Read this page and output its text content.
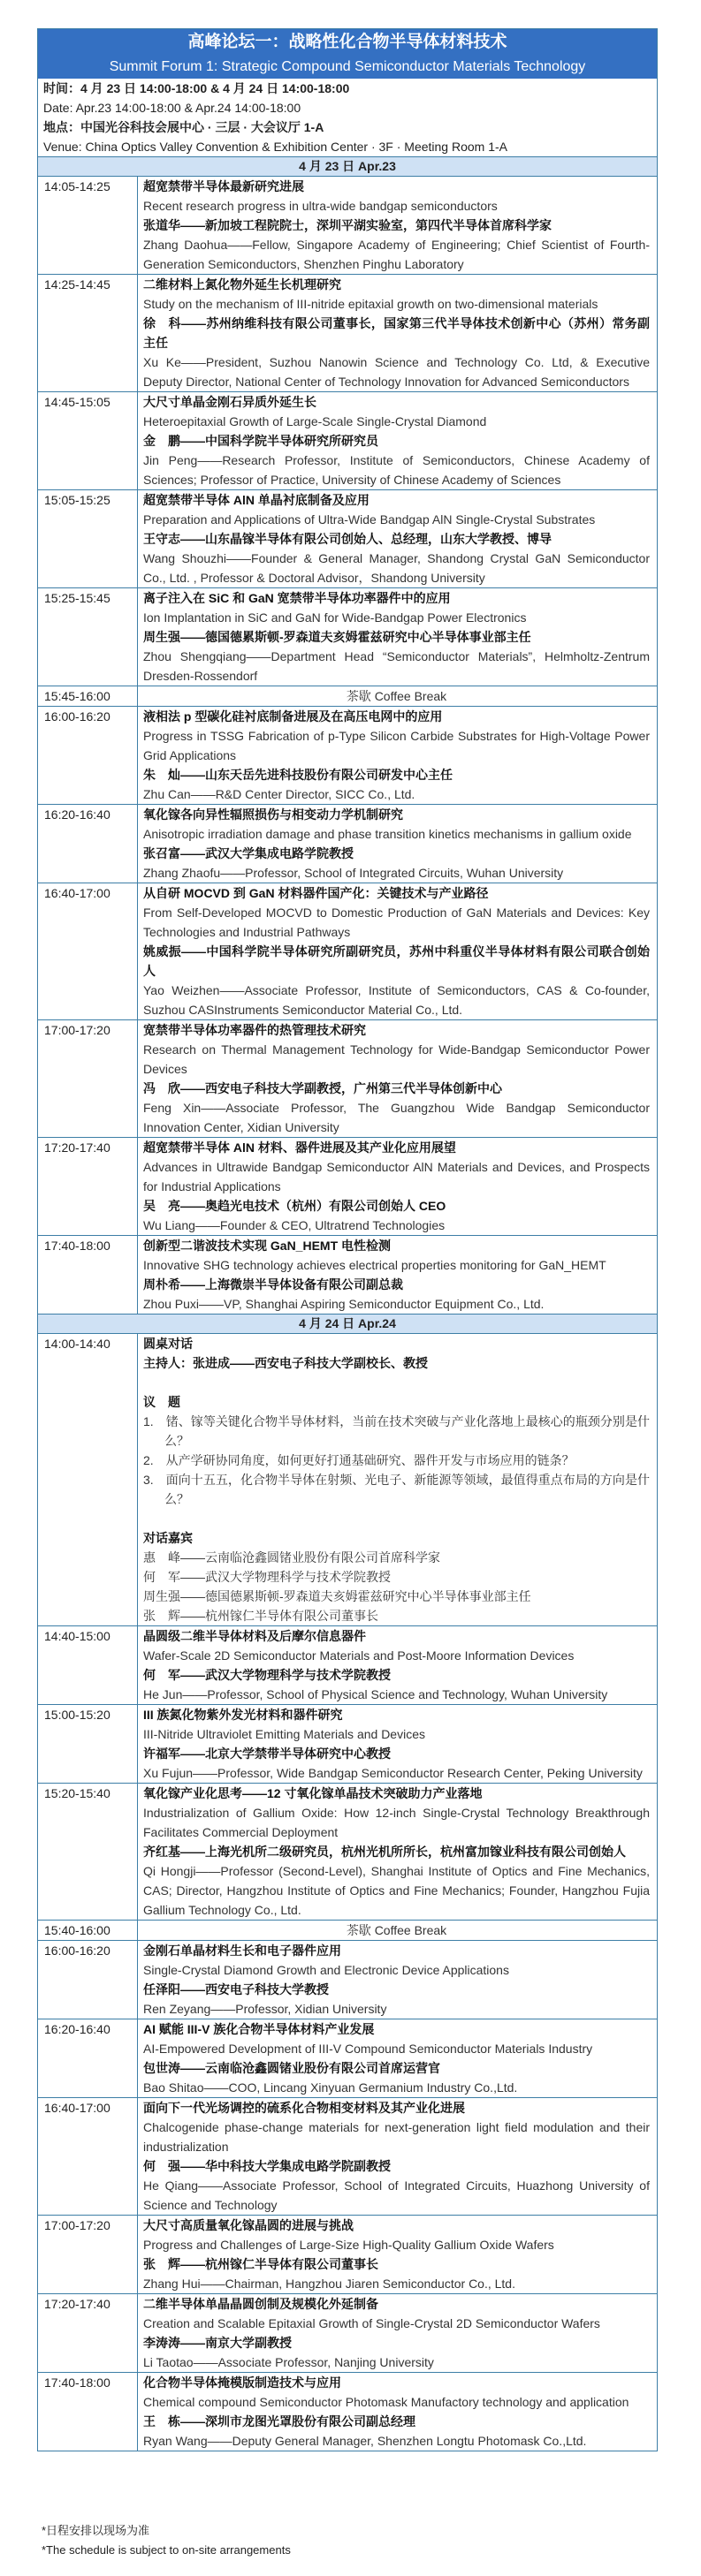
高峰论坛一：战略性化合物半导体材料技术
Summit Forum 1: Strategic Compound Semiconductor Materials Technology
时间：4 月 23 日 14:00-18:00 & 4 月 24 日 14:00-18:00
Date: Apr.23 14:00-18:00 & Apr.24 14:00-18:00
地点：中国光谷科技会展中心 · 三层 · 大会议厅 1-A
Venue: China Optics Valley Convention & Exhibition Center · 3F · Meeting Room 1-A
4 月 23 日 Apr.23
14:05-14:25	超宽禁带半导体最新研究进展
Recent research progress in ultra-wide bandgap semiconductors
张道华——新加坡工程院院士，深圳平湖实验室，第四代半导体首席科学家
Zhang Daohua——Fellow, Singapore Academy of Engineering; Chief Scientist of Fourth-Generation Semiconductors, Shenzhen Pinghu Laboratory
14:25-14:45	二维材料上氮化物外延生长机理研究
Study on the mechanism of III-nitride epitaxial growth on two-dimensional materials
徐　科——苏州纳维科技有限公司董事长，国家第三代半导体技术创新中心（苏州）常务副主任
Xu Ke——President, Suzhou Nanowin Science and Technology Co. Ltd, & Executive Deputy Director, National Center of Technology Innovation for Advanced Semiconductors
14:45-15:05	大尺寸单晶金刚石异质外延生长
Heteroepitaxial Growth of Large-Scale Single-Crystal Diamond
金　鹏——中国科学院半导体研究所研究员
Jin Peng——Research Professor, Institute of Semiconductors, Chinese Academy of Sciences; Professor of Practice, University of Chinese Academy of Sciences
15:05-15:25	超宽禁带半导体 AlN 单晶衬底制备及应用
Preparation and Applications of Ultra-Wide Bandgap AlN Single-Crystal Substrates
王守志——山东晶镓半导体有限公司创始人、总经理，山东大学教授、博导
Wang Shouzhi——Founder & General Manager, Shandong Crystal GaN Semiconductor Co., Ltd. , Professor & Doctoral Advisor，Shandong University
15:25-15:45	离子注入在 SiC 和 GaN 宽禁带半导体功率器件中的应用
Ion Implantation in SiC and GaN for Wide-Bandgap Power Electronics
周生强——德国德累斯顿-罗森道夫亥姆霍兹研究中心半导体事业部主任
Zhou Shengqiang——Department Head “Semiconductor Materials”, Helmholtz-Zentrum Dresden-Rossendorf
15:45-16:00	茶歇 Coffee Break
16:00-16:20	液相法 p 型碳化硅衬底制备进展及在高压电网中的应用
Progress in TSSG Fabrication of p-Type Silicon Carbide Substrates for High-Voltage Power Grid Applications
朱　灿——山东天岳先进科技股份有限公司研发中心主任
Zhu Can——R&D Center Director, SICC Co., Ltd.
16:20-16:40	氧化镓各向异性辐照损伤与相变动力学机制研究
Anisotropic irradiation damage and phase transition kinetics mechanisms in gallium oxide
张召富——武汉大学集成电路学院教授
Zhang Zhaofu——Professor, School of Integrated Circuits, Wuhan University
16:40-17:00	从自研 MOCVD 到 GaN 材料器件国产化：关键技术与产业路径
From Self-Developed MOCVD to Domestic Production of GaN Materials and Devices: Key Technologies and Industrial Pathways
姚威振——中国科学院半导体研究所副研究员，苏州中科重仪半导体材料有限公司联合创始人
Yao Weizhen——Associate Professor, Institute of Semiconductors, CAS & Co-founder, Suzhou CASInstruments Semiconductor Material Co., Ltd.
17:00-17:20	宽禁带半导体功率器件的热管理技术研究
Research on Thermal Management Technology for Wide-Bandgap Semiconductor Power Devices
冯　欣——西安电子科技大学副教授，广州第三代半导体创新中心
Feng Xin——Associate Professor, The Guangzhou Wide Bandgap Semiconductor Innovation Center, Xidian University
17:20-17:40	超宽禁带半导体 AlN 材料、器件进展及其产业化应用展望
Advances in Ultrawide Bandgap Semiconductor AlN Materials and Devices, and Prospects for Industrial Applications
吴　亮——奥趋光电技术（杭州）有限公司创始人 CEO
Wu Liang——Founder & CEO, Ultratrend Technologies
17:40-18:00	创新型二谐波技术实现 GaN_HEMT 电性检测
Innovative SHG technology achieves electrical properties monitoring for GaN_HEMT
周朴希——上海微崇半导体设备有限公司副总裁
Zhou Puxi——VP, Shanghai Aspiring Semiconductor Equipment Co., Ltd.
4 月 24 日 Apr.24
14:00-14:40	圆桌对话
主持人：张进成——西安电子科技大学副校长、教授
议　题
1.　锗、镓等关键化合物半导体材料，当前在技术突破与产业化落地上最核心的瓶颈分别是什么？
2.　从产学研协同角度，如何更好打通基础研究、器件开发与市场应用的链条？
3.　面向十五五，化合物半导体在射频、光电子、新能源等领域，最值得重点布局的方向是什么？
对话嘉宾
惠　峰——云南临沧鑫圆锗业股份有限公司首席科学家
何　军——武汉大学物理科学与技术学院教授
周生强——德国德累斯顿-罗森道夫亥姆霍兹研究中心半导体事业部主任
张　辉——杭州镓仁半导体有限公司董事长
14:40-15:00	晶圆级二维半导体材料及后摩尔信息器件
Wafer-Scale 2D Semiconductor Materials and Post-Moore Information Devices
何　军——武汉大学物理科学与技术学院教授
He Jun——Professor, School of Physical Science and Technology, Wuhan University
15:00-15:20	III 族氮化物紫外发光材料和器件研究
III-Nitride Ultraviolet Emitting Materials and Devices
许福军——北京大学禁带半导体研究中心教授
Xu Fujun——Professor, Wide Bandgap Semiconductor Research Center, Peking University
15:20-15:40	氧化镓产业化思考——12 寸氧化镓单晶技术突破助力产业落地
Industrialization of Gallium Oxide: How 12-inch Single-Crystal Technology Breakthrough Facilitates Commercial Deployment
齐红基——上海光机所二级研究员，杭州光机所所长，杭州富加镓业科技有限公司创始人
Qi Hongji——Professor (Second-Level), Shanghai Institute of Optics and Fine Mechanics, CAS; Director, Hangzhou Institute of Optics and Fine Mechanics; Founder, Hangzhou Fujia Gallium Technology Co., Ltd.
15:40-16:00	茶歇 Coffee Break
16:00-16:20	金刚石单晶材料生长和电子器件应用
Single-Crystal Diamond Growth and Electronic Device Applications
任泽阳——西安电子科技大学教授
Ren Zeyang——Professor, Xidian University
16:20-16:40	AI 赋能 III-V 族化合物半导体材料产业发展
AI-Empowered Development of III-V Compound Semiconductor Materials Industry
包世涛——云南临沧鑫圆锗业股份有限公司首席运营官
Bao Shitao——COO, Lincang Xinyuan Germanium Industry Co.,Ltd.
16:40-17:00	面向下一代光场调控的硫系化合物相变材料及其产业化进展
Chalcogenide phase-change materials for next-generation light field modulation and their industrialization
何　强——华中科技大学集成电路学院副教授
He Qiang——Associate Professor, School of Integrated Circuits, Huazhong University of Science and Technology
17:00-17:20	大尺寸高质量氧化镓晶圆的进展与挑战
Progress and Challenges of Large-Size High-Quality Gallium Oxide Wafers
张　辉——杭州镓仁半导体有限公司董事长
Zhang Hui——Chairman, Hangzhou Jiaren Semiconductor Co., Ltd.
17:20-17:40	二维半导体单晶晶圆创制及规模化外延制备
Creation and Scalable Epitaxial Growth of Single-Crystal 2D Semiconductor Wafers
李涛涛——南京大学副教授
Li Taotao——Associate Professor, Nanjing University
17:40-18:00	化合物半导体掩模版制造技术与应用
Chemical compound Semiconductor Photomask Manufactory technology and application
王　栋——深圳市龙图光罩股份有限公司副总经理
Ryan Wang——Deputy General Manager, Shenzhen Longtu Photomask Co.,Ltd.
*日程安排以现场为准
*The schedule is subject to on-site arrangements
